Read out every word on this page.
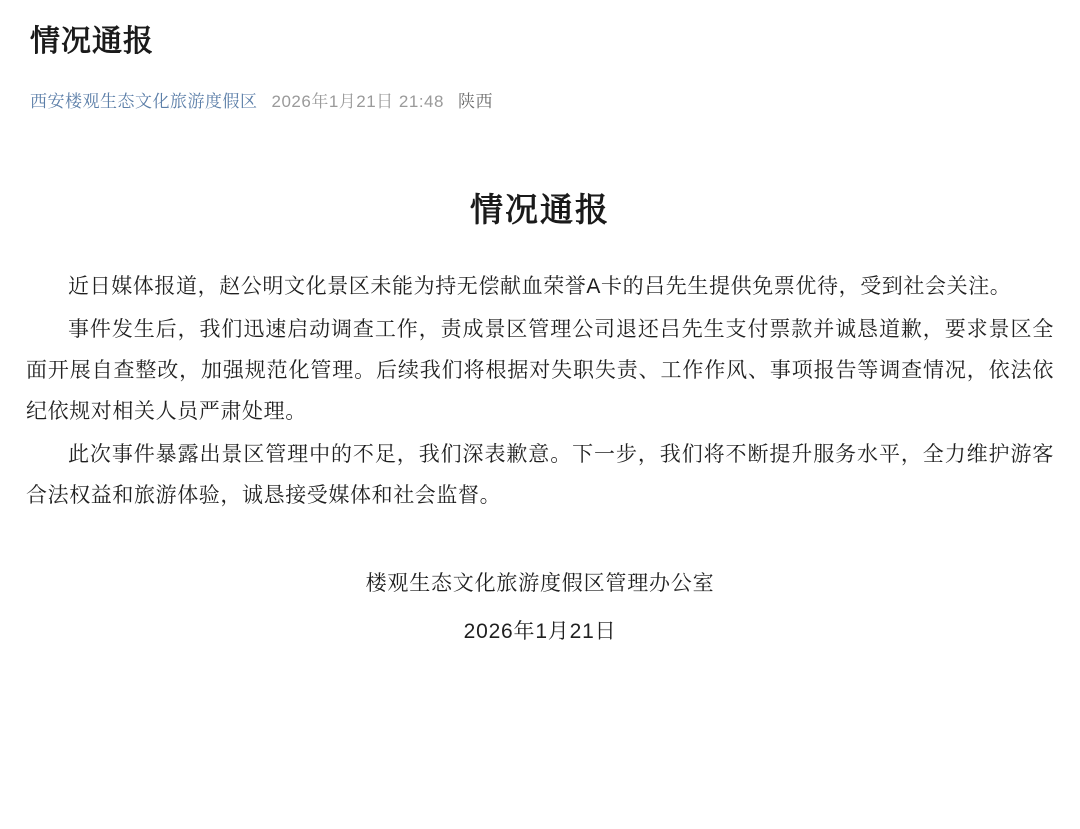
情况通报
西安楼观生态文化旅游度假区 2026年1月21日 21:48 陕西
情况通报

近日媒体报道，赵公明文化景区未能为持无偿献血荣誉A卡的吕先生提供免票优待，受到社会关注。

事件发生后，我们迅速启动调查工作，责成景区管理公司退还吕先生支付票款并诚恳道歉，要求景区全面开展自查整改，加强规范化管理。后续我们将根据对失职失责、工作作风、事项报告等调查情况，依法依纪依规对相关人员严肃处理。

此次事件暴露出景区管理中的不足，我们深表歉意。下一步，我们将不断提升服务水平，全力维护游客合法权益和旅游体验，诚恳接受媒体和社会监督。

楼观生态文化旅游度假区管理办公室
2026年1月21日
